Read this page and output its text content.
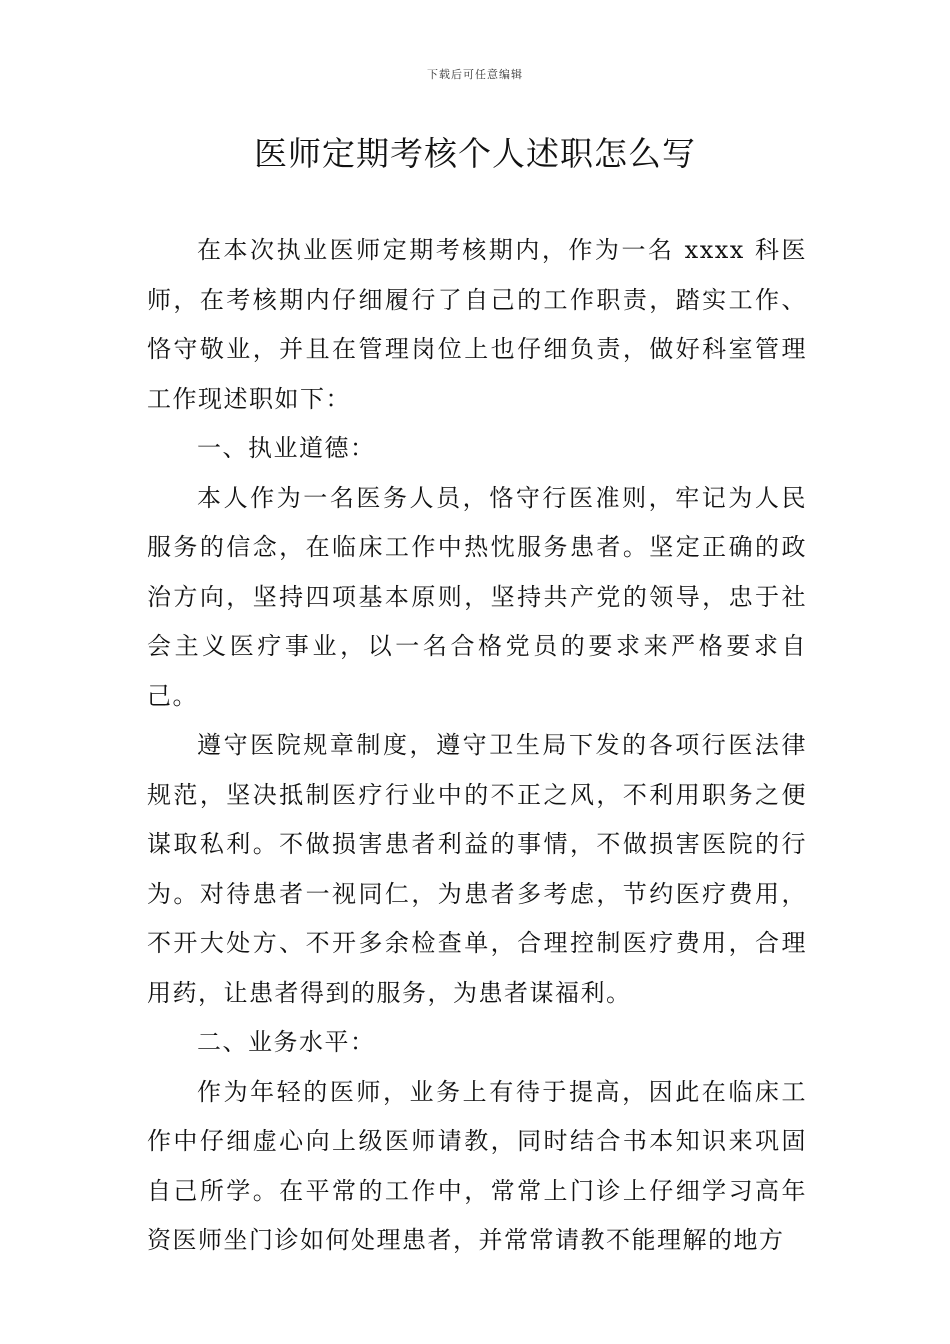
下载后可任意编辑
医师定期考核个人述职怎么写

在本次执业医师定期考核期内，作为一名 xxxx 科医师，在考核期内仔细履行了自己的工作职责，踏实工作、恪守敬业，并且在管理岗位上也仔细负责，做好科室管理工作现述职如下：

一、执业道德：

本人作为一名医务人员，恪守行医准则，牢记为人民服务的信念，在临床工作中热忱服务患者。坚定正确的政治方向，坚持四项基本原则，坚持共产党的领导，忠于社会主义医疗事业，以一名合格党员的要求来严格要求自己。

遵守医院规章制度，遵守卫生局下发的各项行医法律规范，坚决抵制医疗行业中的不正之风，不利用职务之便谋取私利。不做损害患者利益的事情，不做损害医院的行为。对待患者一视同仁，为患者多考虑，节约医疗费用，不开大处方、不开多余检查单，合理控制医疗费用，合理用药，让患者得到的服务，为患者谋福利。

二、业务水平：

作为年轻的医师，业务上有待于提高，因此在临床工作中仔细虚心向上级医师请教，同时结合书本知识来巩固自己所学。在平常的工作中，常常上门诊上仔细学习高年资医师坐门诊如何处理患者，并常常请教不能理解的地方
